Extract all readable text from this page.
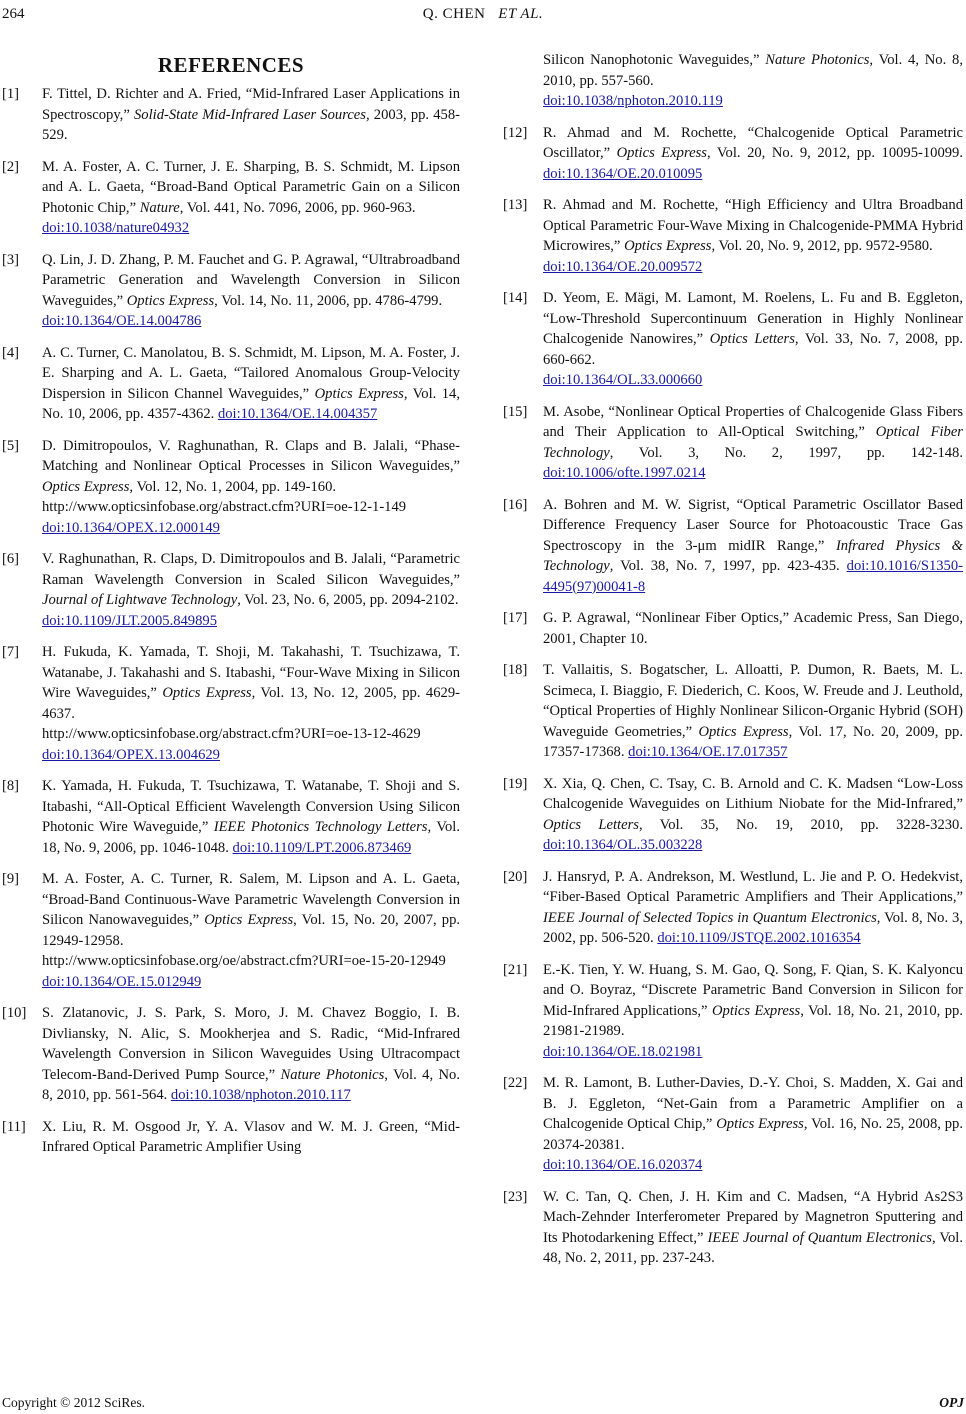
264	Q. CHEN ET AL.
REFERENCES
[1] F. Tittel, D. Richter and A. Fried, “Mid-Infrared Laser Applications in Spectroscopy,” Solid-State Mid-Infrared Laser Sources, 2003, pp. 458-529.
[2] M. A. Foster, A. C. Turner, J. E. Sharping, B. S. Schmidt, M. Lipson and A. L. Gaeta, “Broad-Band Optical Parametric Gain on a Silicon Photonic Chip,” Nature, Vol. 441, No. 7096, 2006, pp. 960-963.
doi:10.1038/nature04932
[3] Q. Lin, J. D. Zhang, P. M. Fauchet and G. P. Agrawal, “Ultrabroadband Parametric Generation and Wavelength Conversion in Silicon Waveguides,” Optics Express, Vol. 14, No. 11, 2006, pp. 4786-4799.
doi:10.1364/OE.14.004786
[4] A. C. Turner, C. Manolatou, B. S. Schmidt, M. Lipson, M. A. Foster, J. E. Sharping and A. L. Gaeta, “Tailored Anomalous Group-Velocity Dispersion in Silicon Channel Waveguides,” Optics Express, Vol. 14, No. 10, 2006, pp. 4357-4362. doi:10.1364/OE.14.004357
[5] D. Dimitropoulos, V. Raghunathan, R. Claps and B. Jalali, “Phase-Matching and Nonlinear Optical Processes in Silicon Waveguides,” Optics Express, Vol. 12, No. 1, 2004, pp. 149-160.
http://www.opticsinfobase.org/abstract.cfm?URI=oe-12-1-149
doi:10.1364/OPEX.12.000149
[6] V. Raghunathan, R. Claps, D. Dimitropoulos and B. Jalali, “Parametric Raman Wavelength Conversion in Scaled Silicon Waveguides,” Journal of Lightwave Technology, Vol. 23, No. 6, 2005, pp. 2094-2102.
doi:10.1109/JLT.2005.849895
[7] H. Fukuda, K. Yamada, T. Shoji, M. Takahashi, T. Tsuchizawa, T. Watanabe, J. Takahashi and S. Itabashi, “Four-Wave Mixing in Silicon Wire Waveguides,” Optics Express, Vol. 13, No. 12, 2005, pp. 4629-4637.
http://www.opticsinfobase.org/abstract.cfm?URI=oe-13-12-4629
doi:10.1364/OPEX.13.004629
[8] K. Yamada, H. Fukuda, T. Tsuchizawa, T. Watanabe, T. Shoji and S. Itabashi, “All-Optical Efficient Wavelength Conversion Using Silicon Photonic Wire Waveguide,” IEEE Photonics Technology Letters, Vol. 18, No. 9, 2006, pp. 1046-1048. doi:10.1109/LPT.2006.873469
[9] M. A. Foster, A. C. Turner, R. Salem, M. Lipson and A. L. Gaeta, “Broad-Band Continuous-Wave Parametric Wavelength Conversion in Silicon Nanowaveguides,” Optics Express, Vol. 15, No. 20, 2007, pp. 12949-12958.
http://www.opticsinfobase.org/oe/abstract.cfm?URI=oe-15-20-12949
doi:10.1364/OE.15.012949
[10] S. Zlatanovic, J. S. Park, S. Moro, J. M. Chavez Boggio, I. B. Divliansky, N. Alic, S. Mookherjea and S. Radic, “Mid-Infrared Wavelength Conversion in Silicon Waveguides Using Ultracompact Telecom-Band-Derived Pump Source,” Nature Photonics, Vol. 4, No. 8, 2010, pp. 561-564. doi:10.1038/nphoton.2010.117
[11] X. Liu, R. M. Osgood Jr, Y. A. Vlasov and W. M. J. Green, “Mid-Infrared Optical Parametric Amplifier Using
Silicon Nanophotonic Waveguides,” Nature Photonics, Vol. 4, No. 8, 2010, pp. 557-560.
doi:10.1038/nphoton.2010.119
[12] R. Ahmad and M. Rochette, “Chalcogenide Optical Parametric Oscillator,” Optics Express, Vol. 20, No. 9, 2012, pp. 10095-10099. doi:10.1364/OE.20.010095
[13] R. Ahmad and M. Rochette, “High Efficiency and Ultra Broadband Optical Parametric Four-Wave Mixing in Chalcogenide-PMMA Hybrid Microwires,” Optics Express, Vol. 20, No. 9, 2012, pp. 9572-9580.
doi:10.1364/OE.20.009572
[14] D. Yeom, E. Mägi, M. Lamont, M. Roelens, L. Fu and B. Eggleton, “Low-Threshold Supercontinuum Generation in Highly Nonlinear Chalcogenide Nanowires,” Optics Letters, Vol. 33, No. 7, 2008, pp. 660-662.
doi:10.1364/OL.33.000660
[15] M. Asobe, “Nonlinear Optical Properties of Chalcogenide Glass Fibers and Their Application to All-Optical Switching,” Optical Fiber Technology, Vol. 3, No. 2, 1997, pp. 142-148. doi:10.1006/ofte.1997.0214
[16] A. Bohren and M. W. Sigrist, “Optical Parametric Oscillator Based Difference Frequency Laser Source for Photoacoustic Trace Gas Spectroscopy in the 3-μm midIR Range,” Infrared Physics & Technology, Vol. 38, No. 7, 1997, pp. 423-435. doi:10.1016/S1350-4495(97)00041-8
[17] G. P. Agrawal, “Nonlinear Fiber Optics,” Academic Press, San Diego, 2001, Chapter 10.
[18] T. Vallaitis, S. Bogatscher, L. Alloatti, P. Dumon, R. Baets, M. L. Scimeca, I. Biaggio, F. Diederich, C. Koos, W. Freude and J. Leuthold, “Optical Properties of Highly Nonlinear Silicon-Organic Hybrid (SOH) Waveguide Geometries,” Optics Express, Vol. 17, No. 20, 2009, pp. 17357-17368. doi:10.1364/OE.17.017357
[19] X. Xia, Q. Chen, C. Tsay, C. B. Arnold and C. K. Madsen “Low-Loss Chalcogenide Waveguides on Lithium Niobate for the Mid-Infrared,” Optics Letters, Vol. 35, No. 19, 2010, pp. 3228-3230. doi:10.1364/OL.35.003228
[20] J. Hansryd, P. A. Andrekson, M. Westlund, L. Jie and P. O. Hedekvist, “Fiber-Based Optical Parametric Amplifiers and Their Applications,” IEEE Journal of Selected Topics in Quantum Electronics, Vol. 8, No. 3, 2002, pp. 506-520. doi:10.1109/JSTQE.2002.1016354
[21] E.-K. Tien, Y. W. Huang, S. M. Gao, Q. Song, F. Qian, S. K. Kalyoncu and O. Boyraz, “Discrete Parametric Band Conversion in Silicon for Mid-Infrared Applications,” Optics Express, Vol. 18, No. 21, 2010, pp. 21981-21989.
doi:10.1364/OE.18.021981
[22] M. R. Lamont, B. Luther-Davies, D.-Y. Choi, S. Madden, X. Gai and B. J. Eggleton, “Net-Gain from a Parametric Amplifier on a Chalcogenide Optical Chip,” Optics Express, Vol. 16, No. 25, 2008, pp. 20374-20381.
doi:10.1364/OE.16.020374
[23] W. C. Tan, Q. Chen, J. H. Kim and C. Madsen, “A Hybrid As2S3 Mach-Zehnder Interferometer Prepared by Magnetron Sputtering and Its Photodarkening Effect,” IEEE Journal of Quantum Electronics, Vol. 48, No. 2, 2011, pp. 237-243.
Copyright © 2012 SciRes.	OPJ
